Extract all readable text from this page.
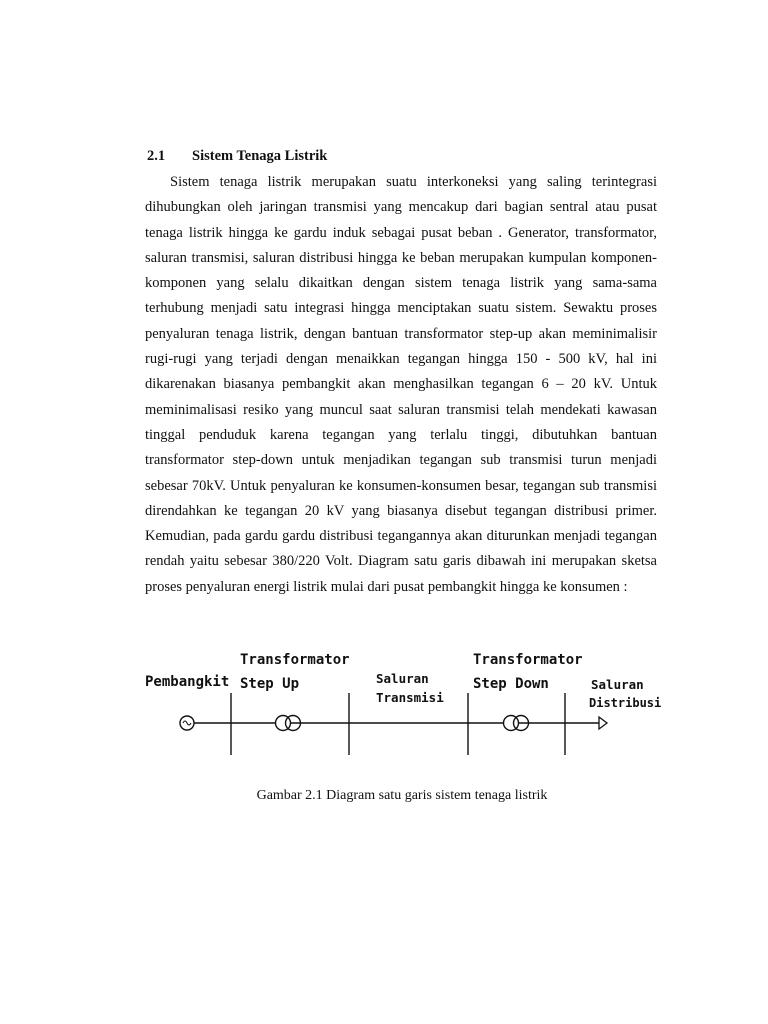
2.1 Sistem Tenaga Listrik
Sistem tenaga listrik merupakan suatu interkoneksi yang saling terintegrasi dihubungkan oleh jaringan transmisi yang mencakup dari bagian sentral atau pusat tenaga listrik hingga ke gardu induk sebagai pusat beban . Generator, transformator, saluran transmisi, saluran distribusi hingga ke beban merupakan kumpulan komponen-komponen yang selalu dikaitkan dengan sistem tenaga listrik yang sama-sama terhubung menjadi satu integrasi hingga menciptakan suatu sistem. Sewaktu proses penyaluran tenaga listrik, dengan bantuan transformator step-up akan meminimalisir rugi-rugi yang terjadi dengan menaikkan tegangan hingga 150 - 500 kV, hal ini dikarenakan biasanya pembangkit akan menghasilkan tegangan 6 – 20 kV. Untuk meminimalisasi resiko yang muncul saat saluran transmisi telah mendekati kawasan tinggal penduduk karena tegangan yang terlalu tinggi, dibutuhkan bantuan transformator step-down untuk menjadikan tegangan sub transmisi turun menjadi sebesar 70kV. Untuk penyaluran ke konsumen-konsumen besar, tegangan sub transmisi direndahkan ke tegangan 20 kV yang biasanya disebut tegangan distribusi primer. Kemudian, pada gardu gardu distribusi tegangannya akan diturunkan menjadi tegangan rendah yaitu sebesar 380/220 Volt. Diagram satu garis dibawah ini merupakan sketsa proses penyaluran energi listrik mulai dari pusat pembangkit hingga ke konsumen :
Pembangkit
Transformator
Step Up	Saluran
Transmisi
Transformator
Step Down	Saluran
Distribusi
Gambar 2.1 Diagram satu garis sistem tenaga listrik
